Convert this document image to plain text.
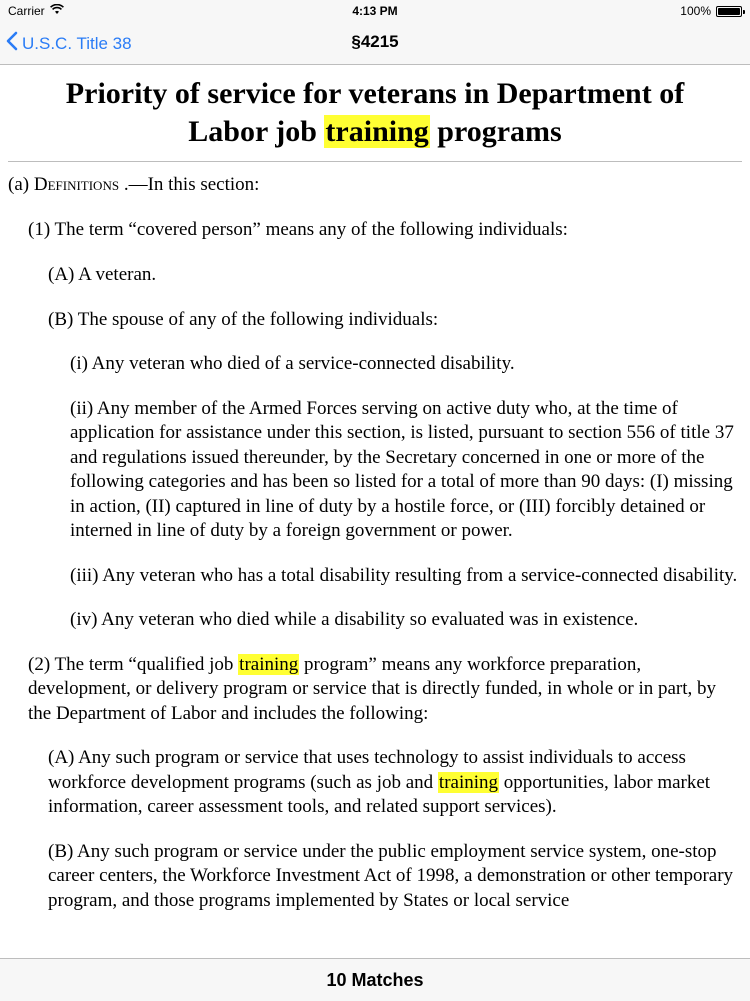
Carrier	4:13 PM	100%
U.S.C. Title 38	§4215
Priority of service for veterans in Department of Labor job training programs

(a) Definitions .—In this section:

(1) The term “covered person” means any of the following individuals:

(A) A veteran.

(B) The spouse of any of the following individuals:

(i) Any veteran who died of a service-connected disability.

(ii) Any member of the Armed Forces serving on active duty who, at the time of application for assistance under this section, is listed, pursuant to section 556 of title 37 and regulations issued thereunder, by the Secretary concerned in one or more of the following categories and has been so listed for a total of more than 90 days: (I) missing in action, (II) captured in line of duty by a hostile force, or (III) forcibly detained or interned in line of duty by a foreign government or power.

(iii) Any veteran who has a total disability resulting from a service-connected disability.

(iv) Any veteran who died while a disability so evaluated was in existence.

(2) The term “qualified job training program” means any workforce preparation, development, or delivery program or service that is directly funded, in whole or in part, by the Department of Labor and includes the following:

(A) Any such program or service that uses technology to assist individuals to access workforce development programs (such as job and training opportunities, labor market information, career assessment tools, and related support services).

(B) Any such program or service under the public employment service system, one-stop career centers, the Workforce Investment Act of 1998, a demonstration or other temporary program, and those programs implemented by States or local service

10 Matches
